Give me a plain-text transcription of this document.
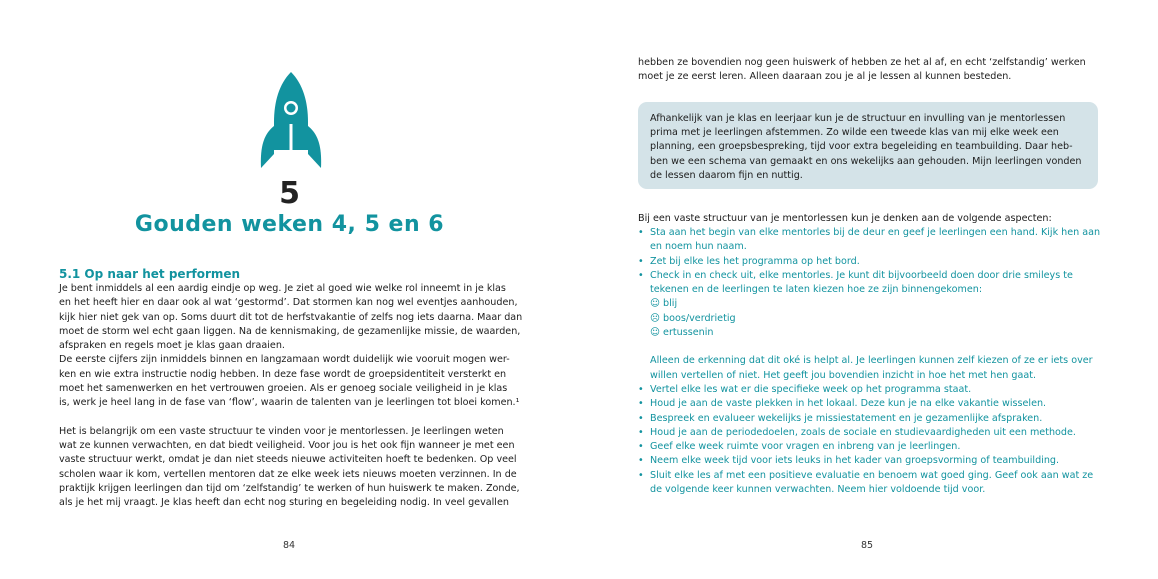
5
Gouden weken 4, 5 en 6
5.1 Op naar het performen

Je bent inmiddels al een aardig eindje op weg. Je ziet al goed wie welke rol inneemt in je klas
en het heeft hier en daar ook al wat ‘gestormd’. Dat stormen kan nog wel eventjes aanhouden,
kijk hier niet gek van op. Soms duurt dit tot de herfstvakantie of zelfs nog iets daarna. Maar dan
moet de storm wel echt gaan liggen. Na de kennismaking, de gezamenlijke missie, de waarden,
afspraken en regels moet je klas gaan draaien.

De eerste cijfers zijn inmiddels binnen en langzamaan wordt duidelijk wie vooruit mogen wer-
ken en wie extra instructie nodig hebben. In deze fase wordt de groepsidentiteit versterkt en
moet het samenwerken en het vertrouwen groeien. Als er genoeg sociale veiligheid in je klas
is, werk je heel lang in de fase van ‘flow’, waarin de talenten van je leerlingen tot bloei komen.¹

Het is belangrijk om een vaste structuur te vinden voor je mentorlessen. Je leerlingen weten
wat ze kunnen verwachten, en dat biedt veiligheid. Voor jou is het ook fijn wanneer je met een
vaste structuur werkt, omdat je dan niet steeds nieuwe activiteiten hoeft te bedenken. Op veel
scholen waar ik kom, vertellen mentoren dat ze elke week iets nieuws moeten verzinnen. In de
praktijk krijgen leerlingen dan tijd om ‘zelfstandig’ te werken of hun huiswerk te maken. Zonde,
als je het mij vraagt. Je klas heeft dan echt nog sturing en begeleiding nodig. In veel gevallen

84

hebben ze bovendien nog geen huiswerk of hebben ze het al af, en echt ‘zelfstandig’ werken
moet je ze eerst leren. Alleen daaraan zou je al je lessen al kunnen besteden.

Afhankelijk van je klas en leerjaar kun je de structuur en invulling van je mentorlessen
prima met je leerlingen afstemmen. Zo wilde een tweede klas van mij elke week een
planning, een groepsbespreking, tijd voor extra begeleiding en teambuilding. Daar heb-
ben we een schema van gemaakt en ons wekelijks aan gehouden. Mijn leerlingen vonden
de lessen daarom fijn en nuttig.
Bij een vaste structuur van je mentorlessen kun je denken aan de volgende aspecten:
• Sta aan het begin van elke mentorles bij de deur en geef je leerlingen een hand. Kijk hen aan
en noem hun naam.
• Zet bij elke les het programma op het bord.
• Check in en check uit, elke mentorles. Je kunt dit bijvoorbeeld doen door drie smileys te
tekenen en de leerlingen te laten kiezen hoe ze zijn binnengekomen:
☺ blij
☹ boos/verdrietig
☺ ertussenin
Alleen de erkenning dat dit oké is helpt al. Je leerlingen kunnen zelf kiezen of ze er iets over
willen vertellen of niet. Het geeft jou bovendien inzicht in hoe het met hen gaat.
• Vertel elke les wat er die specifieke week op het programma staat.
• Houd je aan de vaste plekken in het lokaal. Deze kun je na elke vakantie wisselen.
• Bespreek en evalueer wekelijks je missiestatement en je gezamenlijke afspraken.
• Houd je aan de periodedoelen, zoals de sociale en studievaardigheden uit een methode.
• Geef elke week ruimte voor vragen en inbreng van je leerlingen.
• Neem elke week tijd voor iets leuks in het kader van groepsvorming of teambuilding.
• Sluit elke les af met een positieve evaluatie en benoem wat goed ging. Geef ook aan wat ze
de volgende keer kunnen verwachten. Neem hier voldoende tijd voor.
85
